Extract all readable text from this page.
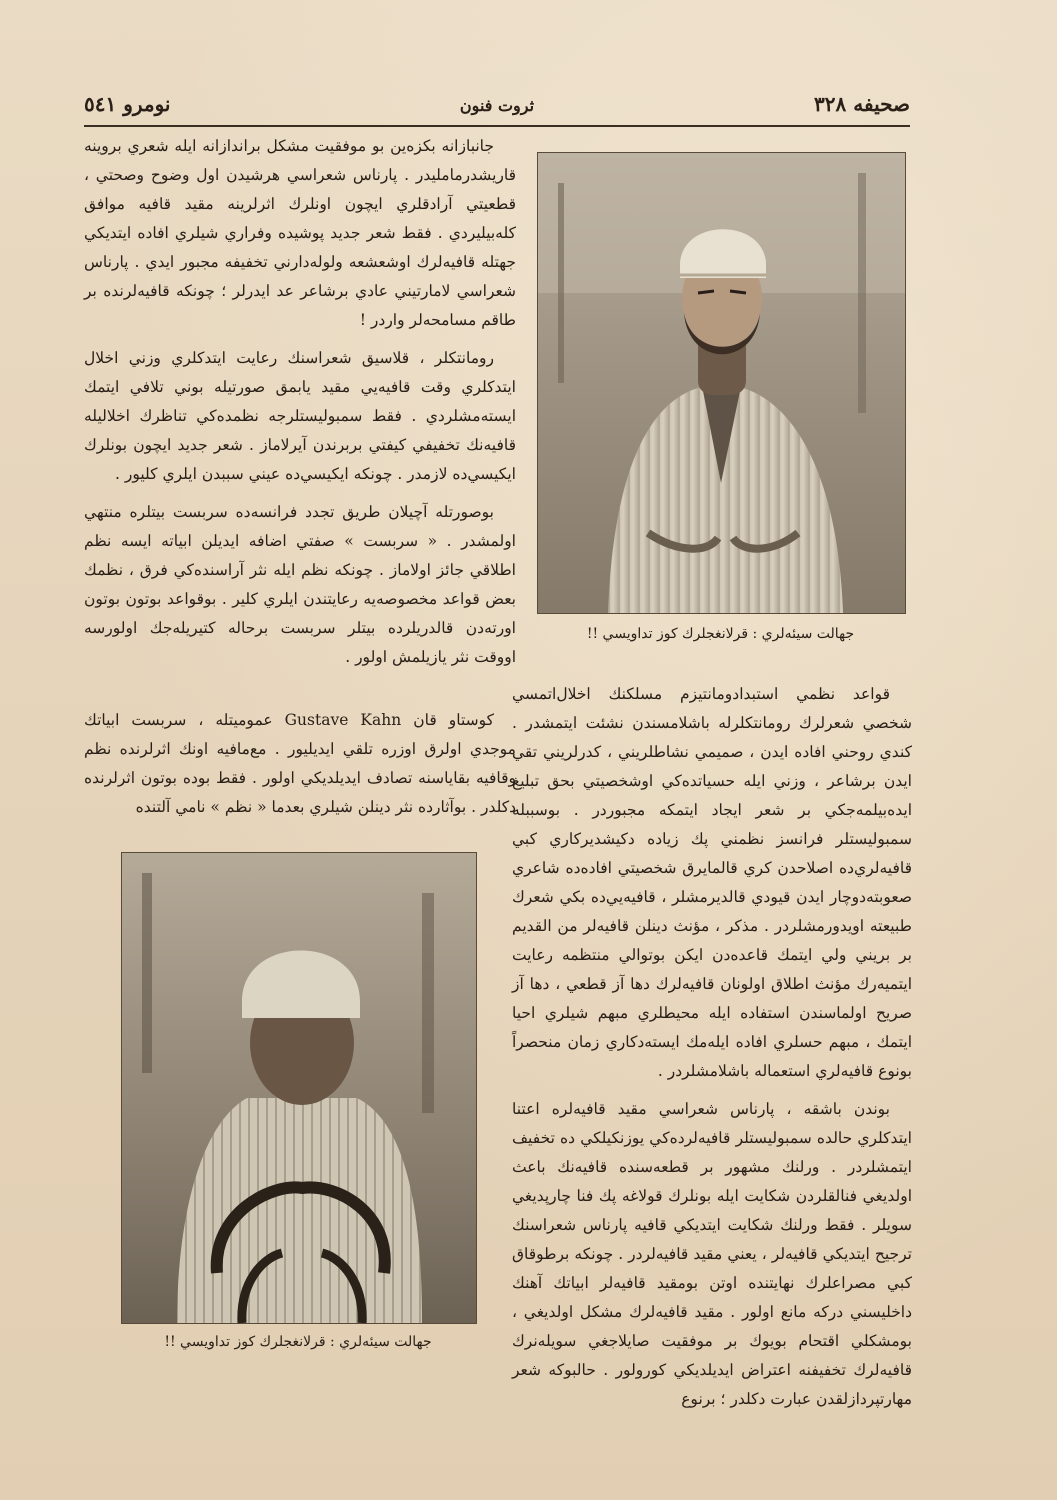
صحيفه ۳۲۸
ثروت فنون
نومرو ٥٤١

جانبازانه بکزه‌ين بو موفقيت مشكل براندازانه ايله شعري بروينه قاريشدرمامليدر . پارناس شعراسي هرشيدن اول وضوح وصحتي ، قطعيتي آرادقلري ايچون اونلرك اثرلرينه مقيد قافيه موافق كله‌بيليردي . فقط شعر جديد پوشيده وفراري شيلري افاده ايتديكي جهتله قافيه‌لرك اوشعشعه ولوله‌دارني تخفيفه مجبور ايدي . پارناس شعراسي لامارتيني عادي برشاعر عد ايدرلر ؛ چونكه قافيه‌لرنده بر طاقم مسامحه‌لر واردر !

رومانتكلر ، قلاسيق شعراسنك رعايت ايتدكلري وزني اخلال ايتدكلري وقت قافيه‌يي مقيد يابمق صورتيله بوني تلافي ايتمك ايسته‌مشلردي . فقط سمبوليستلرجه نظمده‌كي تناظرك اخلاليله قافيه‌نك تخفيفي كيفتي بربرندن آيرلاماز . شعر جديد ايچون بونلرك ايكيسي‌ده لازمدر . چونكه ايكيسي‌ده عيني سببدن ايلري كليور .

بوصورتله آچيلان طريق تجدد فرانسه‌ده سربست بيتلره منتهي اولمشدر . « سربست » صفتي اضافه ايديلن ابياته ايسه نظم اطلاقي جائز اولاماز . چونكه نظم ايله نثر آراسنده‌كي فرق ، نظمك بعض قواعد مخصوصه‌يه رعايتندن ايلري كلير . بوقواعد بوتون بوتون اورته‌دن قالدريلرده بيتلر سربست برحاله كتيريله‌جك اولورسه اووقت نثر يازيلمش اولور .

كوستاو قان Gustave Kahn عموميتله ، سربست ابياتك موجدي اولرق اوزره تلقي ايديليور . مع‌مافيه اونك اثرلرنده نظم وقافيه بقاياسنه تصادف ايديلديكي اولور . فقط بوده بوتون اثرلرنده دكلدر . بوآثارده نثر دينلن شيلري بعدما « نظم » نامي آلتنده

جهالت سيئه‌لري : قرلانغجلرك كوز تداويسي !!
جهالت سيئه‌لري : قرلانغجلرك كوز تداويسي !!

قواعد نظمي استبدادومانتيزم مسلكنك اخلال‌اتمسي شخصي شعرلرك رومانتكلرله باشلامسندن نشئت ايتمشدر . كندي روحني افاده ايدن ، صميمي نشاطلريني ، كدرلريني تقي ايدن برشاعر ، وزني ايله حسياتده‌كي اوشخصيتي بحق تبليغ ايده‌بيلمه‌جكي بر شعر ايجاد ايتمكه مجبوردر . بوسببله سمبوليستلر فرانسز نظمني پك زياده دكيشديركاري كبي قافيه‌لري‌ده اصلاحدن كري قالمايرق شخصيتي افاده‌ده شاعري صعوبته‌دوچار ايدن قيودي قالديرمشلر ، قافيه‌يي‌ده بكي شعرك طبيعته اويدورمشلردر . مذكر ، مؤنث دينلن قافيه‌لر من القديم بر بريني ولي ايتمك قاعده‌دن ايكن بوتوالي منتظمه رعايت ايتميه‌رك مؤنث اطلاق اولونان قافيه‌لرك دها آز قطعي ، دها آز صريح اولماسندن استفاده ايله محيطلري مبهم شيلري احيا ايتمك ، مبهم حسلري افاده ايله‌مك ايسته‌دكاري زمان منحصراً بونوع قافيه‌لري استعماله باشلامشلردر .

بوندن باشقه ، پارناس شعراسي مقيد قافيه‌لره اعتنا ايتدكلري حالده سمبوليستلر قافيه‌لرده‌كي يوزنكيلكي ده تخفيف ايتمشلردر . ورلنك مشهور بر قطعه‌سنده قافيه‌نك باعث اولديغي فنالقلردن شكايت ايله بونلرك قولاغه پك فنا چارپديغي سويلر . فقط ورلنك شكايت ايتديكي قافيه پارناس شعراسنك ترجيح ايتديكي قافيه‌لر ، يعني مقيد قافيه‌لردر . چونكه برطوقاق كبي مصراعلرك نهايتنده اوتن بومقيد قافيه‌لر ابياتك آهنك داخليسني دركه مانع اولور . مقيد قافيه‌لرك مشكل اولديغي ، بومشكلي اقتحام بويوك بر موفقيت صايلاجغي سويله‌نرك قافيه‌لرك تخفيفنه اعتراض ايديلديكي كورولور . حالبوكه شعر مهارتپردازلقدن عبارت دكلدر ؛ برنوع
